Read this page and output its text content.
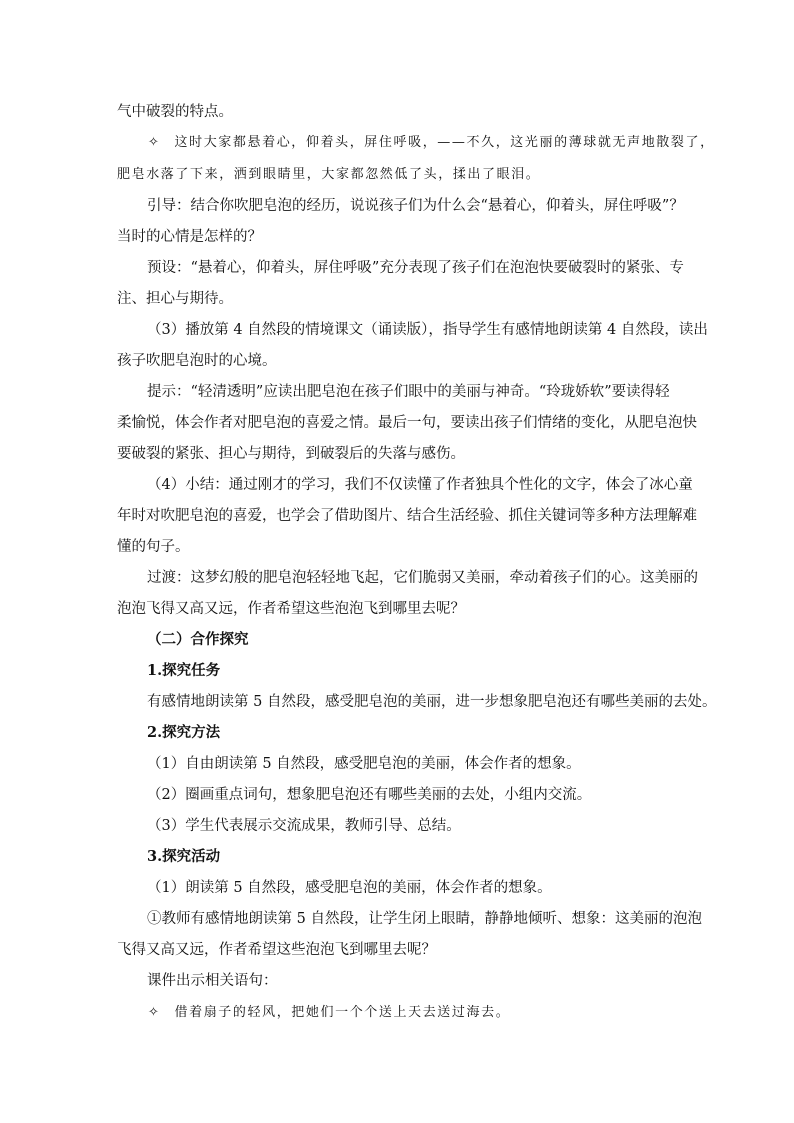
气中破裂的特点。
✧ 这时大家都悬着心，仰着头，屏住呼吸，——不久，这光丽的薄球就无声地散裂了，
肥皂水落了下来，洒到眼睛里，大家都忽然低了头，揉出了眼泪。
引导：结合你吹肥皂泡的经历，说说孩子们为什么会“悬着心，仰着头，屏住呼吸”？
当时的心情是怎样的？
预设：“悬着心，仰着头，屏住呼吸”充分表现了孩子们在泡泡快要破裂时的紧张、专
注、担心与期待。
（3）播放第 4 自然段的情境课文（诵读版），指导学生有感情地朗读第 4 自然段，读出
孩子吹肥皂泡时的心境。
提示：“轻清透明”应读出肥皂泡在孩子们眼中的美丽与神奇。“玲珑娇软”要读得轻
柔愉悦，体会作者对肥皂泡的喜爱之情。最后一句，要读出孩子们情绪的变化，从肥皂泡快
要破裂的紧张、担心与期待，到破裂后的失落与感伤。
（4）小结：通过刚才的学习，我们不仅读懂了作者独具个性化的文字，体会了冰心童
年时对吹肥皂泡的喜爱，也学会了借助图片、结合生活经验、抓住关键词等多种方法理解难
懂的句子。
过渡：这梦幻般的肥皂泡轻轻地飞起，它们脆弱又美丽，牵动着孩子们的心。这美丽的
泡泡飞得又高又远，作者希望这些泡泡飞到哪里去呢？
（二）合作探究
1.探究任务
有感情地朗读第 5 自然段，感受肥皂泡的美丽，进一步想象肥皂泡还有哪些美丽的去处。
2.探究方法
（1）自由朗读第 5 自然段，感受肥皂泡的美丽，体会作者的想象。
（2）圈画重点词句，想象肥皂泡还有哪些美丽的去处，小组内交流。
（3）学生代表展示交流成果，教师引导、总结。
3.探究活动
（1）朗读第 5 自然段，感受肥皂泡的美丽，体会作者的想象。
①教师有感情地朗读第 5 自然段，让学生闭上眼睛，静静地倾听、想象：这美丽的泡泡
飞得又高又远，作者希望这些泡泡飞到哪里去呢？
课件出示相关语句：
✧ 借着扇子的轻风，把她们一个个送上天去送过海去。
